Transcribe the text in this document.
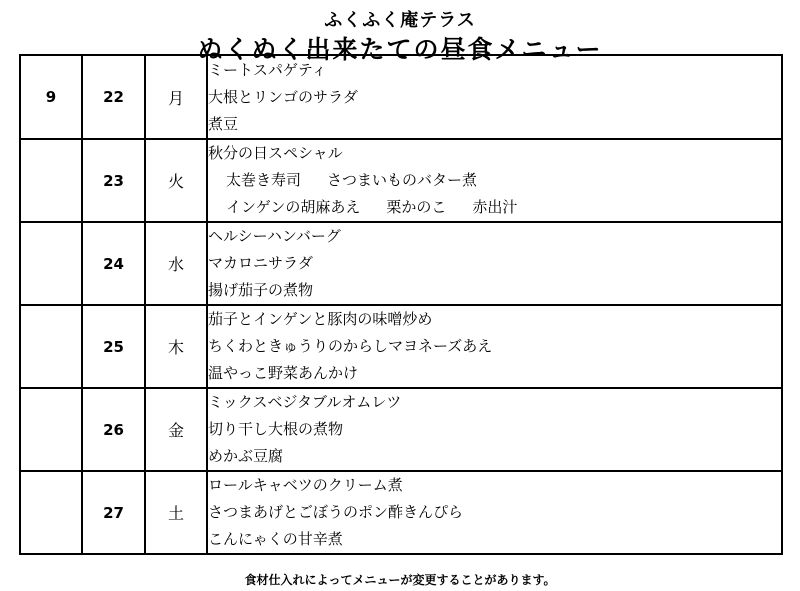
ふくふく庵テラス
ぬくぬく出来たての昼食メニュー
9	22	月	ミートスパゲティ
大根とリンゴのサラダ
煮豆

	23	火	秋分の日スペシャル
太巻き寿司 さつまいものバター煮
インゲンの胡麻あえ 栗かのこ 赤出汁

	24	水	ヘルシーハンバーグ
マカロニサラダ
揚げ茄子の煮物

	25	木	茄子とインゲンと豚肉の味噌炒め
ちくわときゅうりのからしマヨネーズあえ
温やっこ野菜あんかけ

	26	金	ミックスベジタブルオムレツ
切り干し大根の煮物
めかぶ豆腐

	27	土	ロールキャベツのクリーム煮
さつまあげとごぼうのポン酢きんぴら
こんにゃくの甘辛煮
食材仕入れによってメニューが変更することがあります。
